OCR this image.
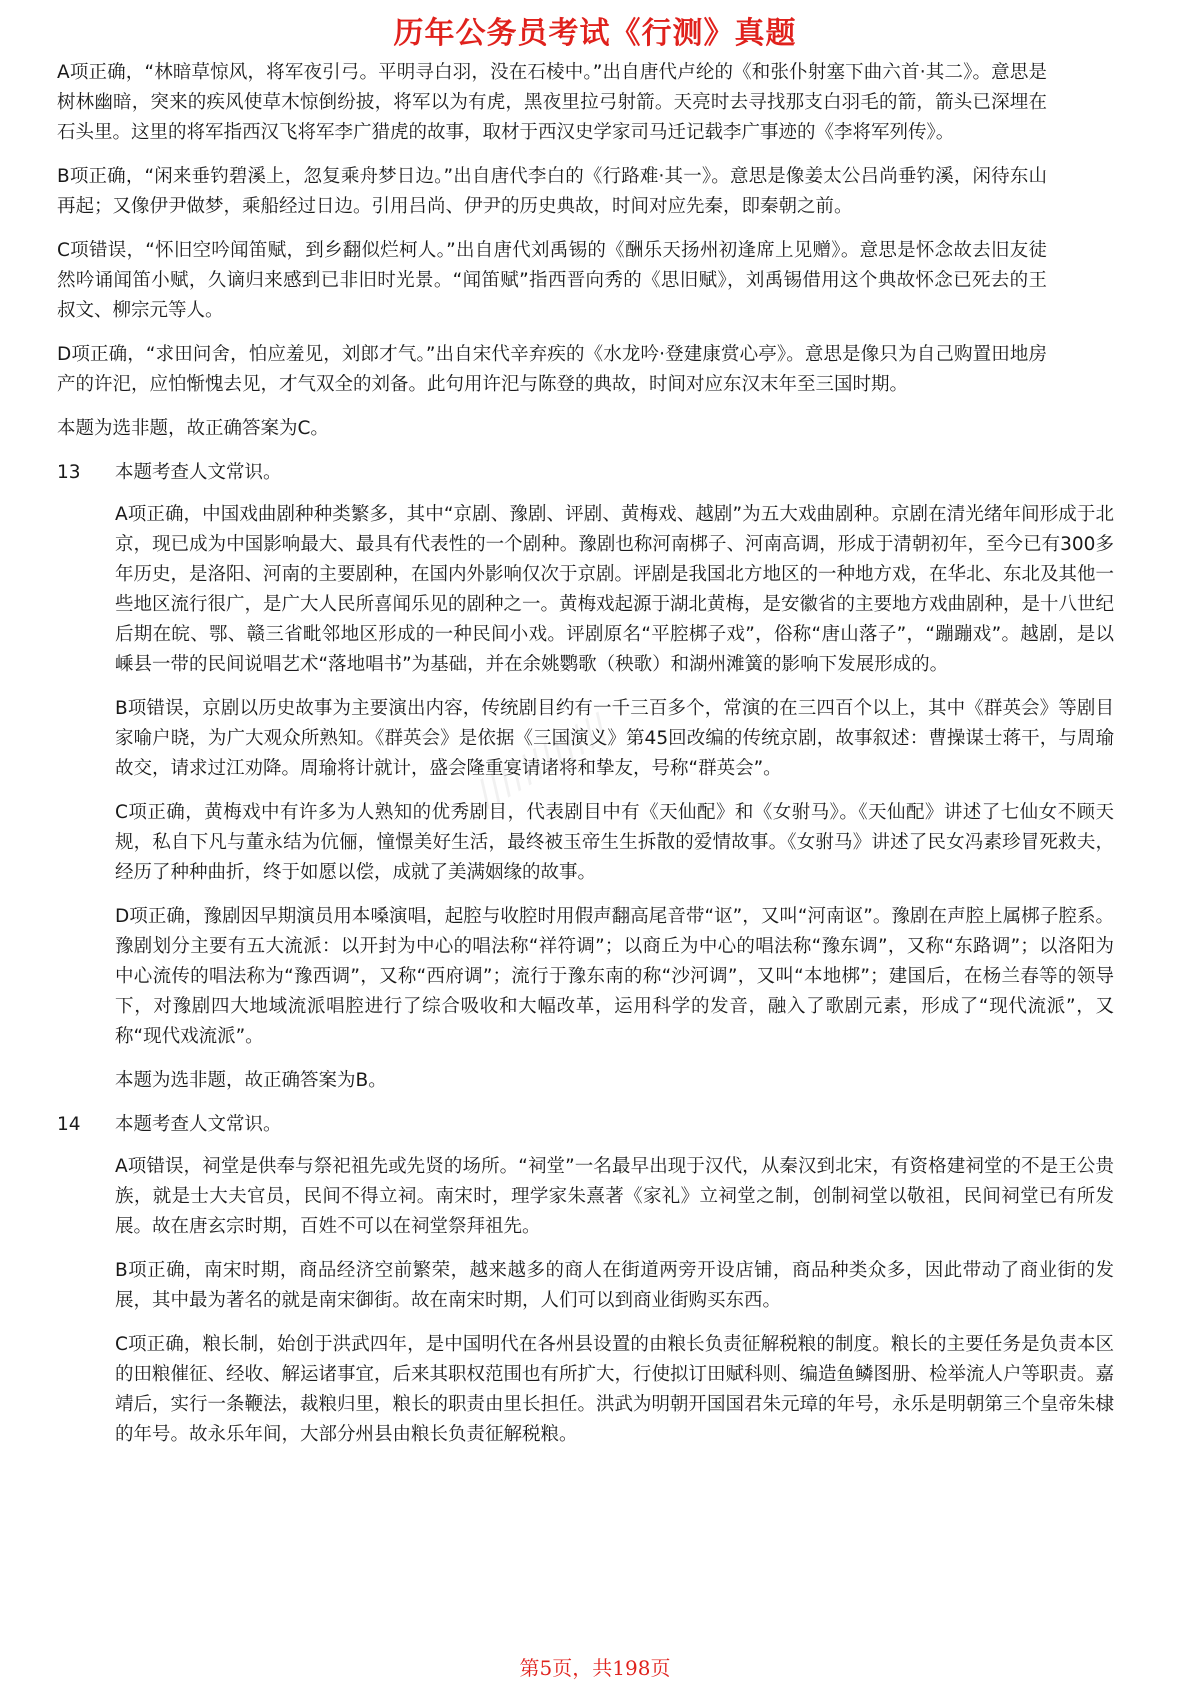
历年公务员考试《行测》真题
////////////

A项正确，“林暗草惊风，将军夜引弓。平明寻白羽，没在石棱中。”出自唐代卢纶的《和张仆射塞下曲六首·其二》。意思是树林幽暗，突来的疾风使草木惊倒纷披，将军以为有虎，黑夜里拉弓射箭。天亮时去寻找那支白羽毛的箭，箭头已深埋在石头里。这里的将军指西汉飞将军李广猎虎的故事，取材于西汉史学家司马迁记载李广事迹的《李将军列传》。

B项正确，“闲来垂钓碧溪上，忽复乘舟梦日边。”出自唐代李白的《行路难·其一》。意思是像姜太公吕尚垂钓溪，闲待东山再起；又像伊尹做梦，乘船经过日边。引用吕尚、伊尹的历史典故，时间对应先秦，即秦朝之前。

C项错误，“怀旧空吟闻笛赋，到乡翻似烂柯人。”出自唐代刘禹锡的《酬乐天扬州初逢席上见赠》。意思是怀念故去旧友徒然吟诵闻笛小赋，久谪归来感到已非旧时光景。“闻笛赋”指西晋向秀的《思旧赋》，刘禹锡借用这个典故怀念已死去的王叔文、柳宗元等人。

D项正确，“求田问舍，怕应羞见，刘郎才气。”出自宋代辛弃疾的《水龙吟·登建康赏心亭》。意思是像只为自己购置田地房产的许汜，应怕惭愧去见，才气双全的刘备。此句用许汜与陈登的典故，时间对应东汉末年至三国时期。

本题为选非题，故正确答案为C。

13	本题考查人文常识。

A项正确，中国戏曲剧种种类繁多，其中“京剧、豫剧、评剧、黄梅戏、越剧”为五大戏曲剧种。京剧在清光绪年间形成于北京，现已成为中国影响最大、最具有代表性的一个剧种。豫剧也称河南梆子、河南高调，形成于清朝初年，至今已有300多年历史，是洛阳、河南的主要剧种，在国内外影响仅次于京剧。评剧是我国北方地区的一种地方戏，在华北、东北及其他一些地区流行很广，是广大人民所喜闻乐见的剧种之一。黄梅戏起源于湖北黄梅，是安徽省的主要地方戏曲剧种，是十八世纪后期在皖、鄂、赣三省毗邻地区形成的一种民间小戏。评剧原名“平腔梆子戏”，俗称“唐山落子”，“蹦蹦戏”。越剧，是以嵊县一带的民间说唱艺术“落地唱书”为基础，并在余姚鹦歌（秧歌）和湖州滩簧的影响下发展形成的。

B项错误，京剧以历史故事为主要演出内容，传统剧目约有一千三百多个，常演的在三四百个以上，其中《群英会》等剧目家喻户晓，为广大观众所熟知。《群英会》是依据《三国演义》第45回改编的传统京剧，故事叙述：曹操谋士蒋干，与周瑜故交，请求过江劝降。周瑜将计就计，盛会隆重宴请诸将和挚友，号称“群英会”。

C项正确，黄梅戏中有许多为人熟知的优秀剧目，代表剧目中有《天仙配》和《女驸马》。《天仙配》讲述了七仙女不顾天规，私自下凡与董永结为伉俪，憧憬美好生活，最终被玉帝生生拆散的爱情故事。《女驸马》讲述了民女冯素珍冒死救夫，经历了种种曲折，终于如愿以偿，成就了美满姻缘的故事。

D项正确，豫剧因早期演员用本嗓演唱，起腔与收腔时用假声翻高尾音带“讴”，又叫“河南讴”。豫剧在声腔上属梆子腔系。豫剧划分主要有五大流派：以开封为中心的唱法称“祥符调”；以商丘为中心的唱法称“豫东调”，又称“东路调”；以洛阳为中心流传的唱法称为“豫西调”，又称“西府调”；流行于豫东南的称“沙河调”，又叫“本地梆”；建国后，在杨兰春等的领导下，对豫剧四大地域流派唱腔进行了综合吸收和大幅改革，运用科学的发音，融入了歌剧元素，形成了“现代流派”，又称“现代戏流派”。

本题为选非题，故正确答案为B。

14	本题考查人文常识。

A项错误，祠堂是供奉与祭祀祖先或先贤的场所。“祠堂”一名最早出现于汉代，从秦汉到北宋，有资格建祠堂的不是王公贵族，就是士大夫官员，民间不得立祠。南宋时，理学家朱熹著《家礼》立祠堂之制，创制祠堂以敬祖，民间祠堂已有所发展。故在唐玄宗时期，百姓不可以在祠堂祭拜祖先。

B项正确，南宋时期，商品经济空前繁荣，越来越多的商人在街道两旁开设店铺，商品种类众多，因此带动了商业街的发展，其中最为著名的就是南宋御街。故在南宋时期，人们可以到商业街购买东西。

C项正确，粮长制，始创于洪武四年，是中国明代在各州县设置的由粮长负责征解税粮的制度。粮长的主要任务是负责本区的田粮催征、经收、解运诸事宜，后来其职权范围也有所扩大，行使拟订田赋科则、编造鱼鳞图册、检举流人户等职责。嘉靖后，实行一条鞭法，裁粮归里，粮长的职责由里长担任。洪武为明朝开国国君朱元璋的年号，永乐是明朝第三个皇帝朱棣的年号。故永乐年间，大部分州县由粮长负责征解税粮。

第5页，共198页
